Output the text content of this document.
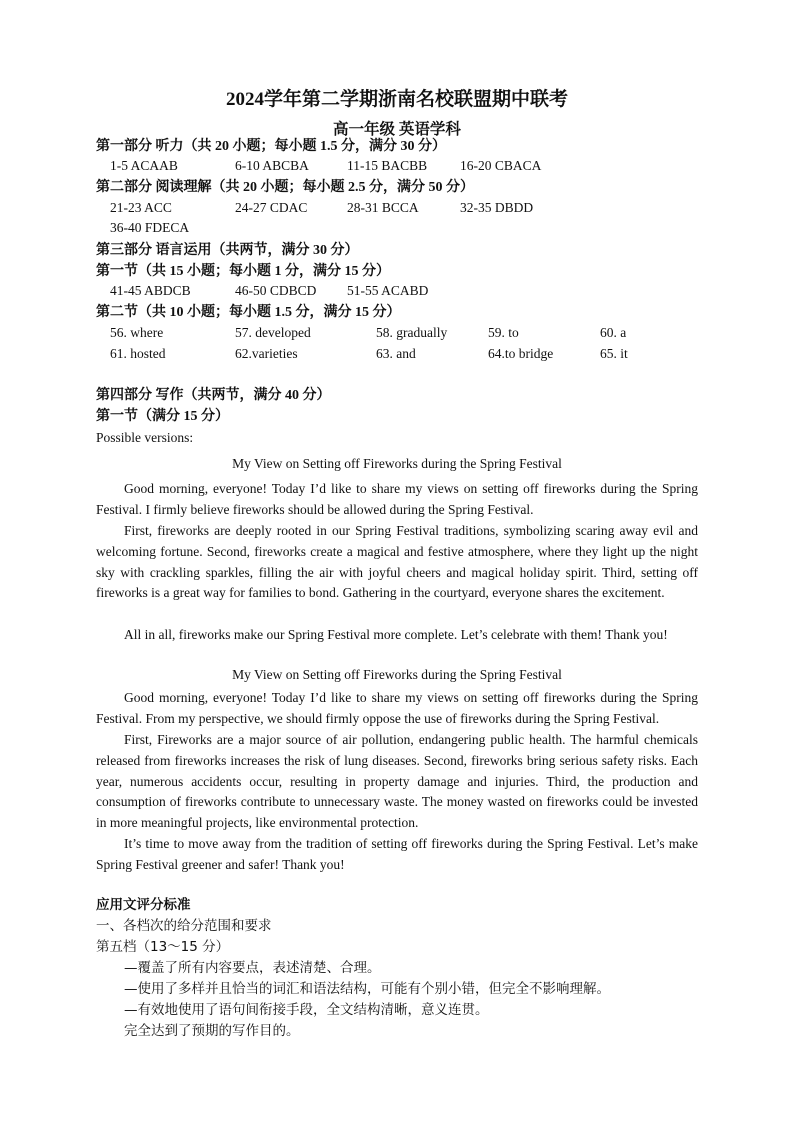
2024学年第二学期浙南名校联盟期中联考
高一年级 英语学科

第一部分 听力（共 20 小题；每小题 1.5 分，满分 30 分）

1-5 ACAAB	6-10 ABCBA	11-15 BACBB 16-20 CBACA

第二部分 阅读理解（共 20 小题；每小题 2.5 分，满分 50 分）

21-23 ACC	24-27 CDAC	28-31 BCCA	32-35 DBDD
36-40 FDECA

第三部分 语言运用（共两节，满分 30 分）

第一节（共 15 小题；每小题 1 分，满分 15 分）

41-45 ABDCB	46-50 CDBCD 51-55 ACABD

第二节（共 10 小题；每小题 1.5 分，满分 15 分）

56. where	57. developed	58. gradually	59. to	60. a
61. hosted	62.varieties	63. and	64.to bridge	65. it

第四部分 写作（共两节，满分 40 分）

第一节（满分 15 分）

Possible versions:

My View on Setting off Fireworks during the Spring Festival

Good morning, everyone! Today I’d like to share my views on setting off fireworks during the Spring Festival. I firmly believe fireworks should be allowed during the Spring Festival.

First, fireworks are deeply rooted in our Spring Festival traditions, symbolizing scaring away evil and welcoming fortune. Second, fireworks create a magical and festive atmosphere, where they light up the night sky with crackling sparkles, filling the air with joyful cheers and magical holiday spirit. Third, setting off fireworks is a great way for families to bond. Gathering in the courtyard, everyone shares the excitement.

All in all, fireworks make our Spring Festival more complete. Let’s celebrate with them! Thank you!

My View on Setting off Fireworks during the Spring Festival

Good morning, everyone! Today I’d like to share my views on setting off fireworks during the Spring Festival. From my perspective, we should firmly oppose the use of fireworks during the Spring Festival.

First, Fireworks are a major source of air pollution, endangering public health. The harmful chemicals released from fireworks increases the risk of lung diseases. Second, fireworks bring serious safety risks. Each year, numerous accidents occur, resulting in property damage and injuries. Third, the production and consumption of fireworks contribute to unnecessary waste. The money wasted on fireworks could be invested in more meaningful projects, like environmental protection.

It’s time to move away from the tradition of setting off fireworks during the Spring Festival. Let’s make Spring Festival greener and safer! Thank you!

应用文评分标准

一、各档次的给分范围和要求

第五档（13～15 分）

—覆盖了所有内容要点，表述清楚、合理。

—使用了多样并且恰当的词汇和语法结构，可能有个别小错，但完全不影响理解。

—有效地使用了语句间衔接手段，全文结构清晰，意义连贯。

完全达到了预期的写作目的。
